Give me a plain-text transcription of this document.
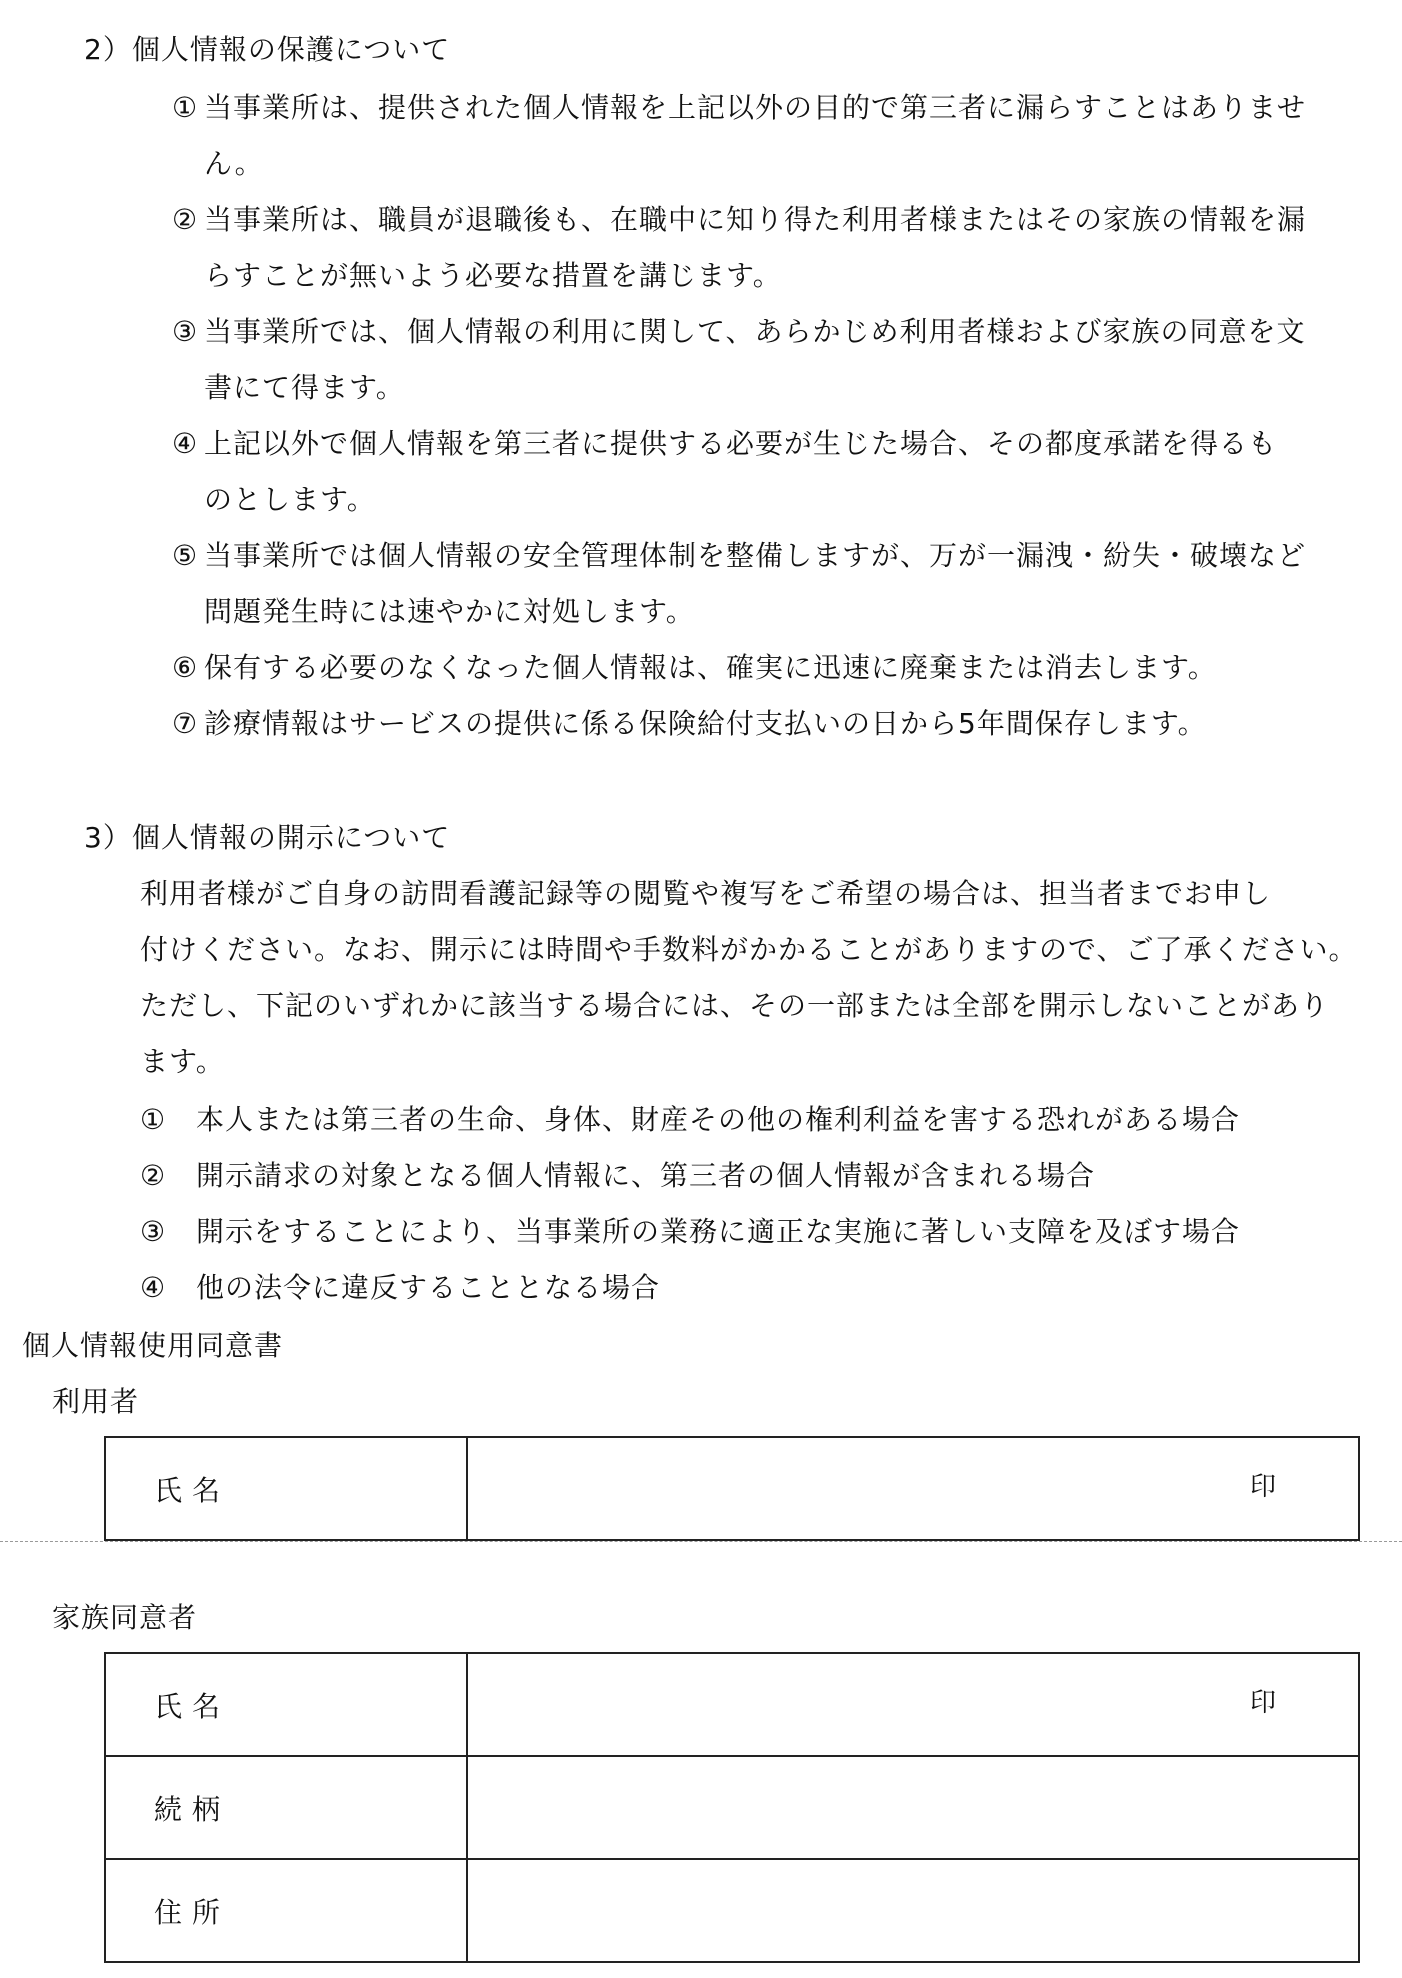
2）個人情報の保護について
① 当事業所は、提供された個人情報を上記以外の目的で第三者に漏らすことはありませ
ん。
② 当事業所は、職員が退職後も、在職中に知り得た利用者様またはその家族の情報を漏
らすことが無いよう必要な措置を講じます。
③ 当事業所では、個人情報の利用に関して、あらかじめ利用者様および家族の同意を文
書にて得ます。
④ 上記以外で個人情報を第三者に提供する必要が生じた場合、その都度承諾を得るも
のとします。
⑤ 当事業所では個人情報の安全管理体制を整備しますが、万が一漏洩・紛失・破壊など
問題発生時には速やかに対処します。
⑥ 保有する必要のなくなった個人情報は、確実に迅速に廃棄または消去します。
⑦ 診療情報はサービスの提供に係る保険給付支払いの日から5年間保存します。
3）個人情報の開示について
利用者様がご自身の訪問看護記録等の閲覧や複写をご希望の場合は、担当者までお申し
付けください。なお、開示には時間や手数料がかかることがありますので、ご了承ください。
ただし、下記のいずれかに該当する場合には、その一部または全部を開示しないことがあり
ます。
① 本人または第三者の生命、身体、財産その他の権利利益を害する恐れがある場合
② 開示請求の対象となる個人情報に、第三者の個人情報が含まれる場合
③ 開示をすることにより、当事業所の業務に適正な実施に著しい支障を及ぼす場合
④ 他の法令に違反することとなる場合
個人情報使用同意書
利用者
氏名	印
家族同意者
氏名	印

続柄	
住所	
